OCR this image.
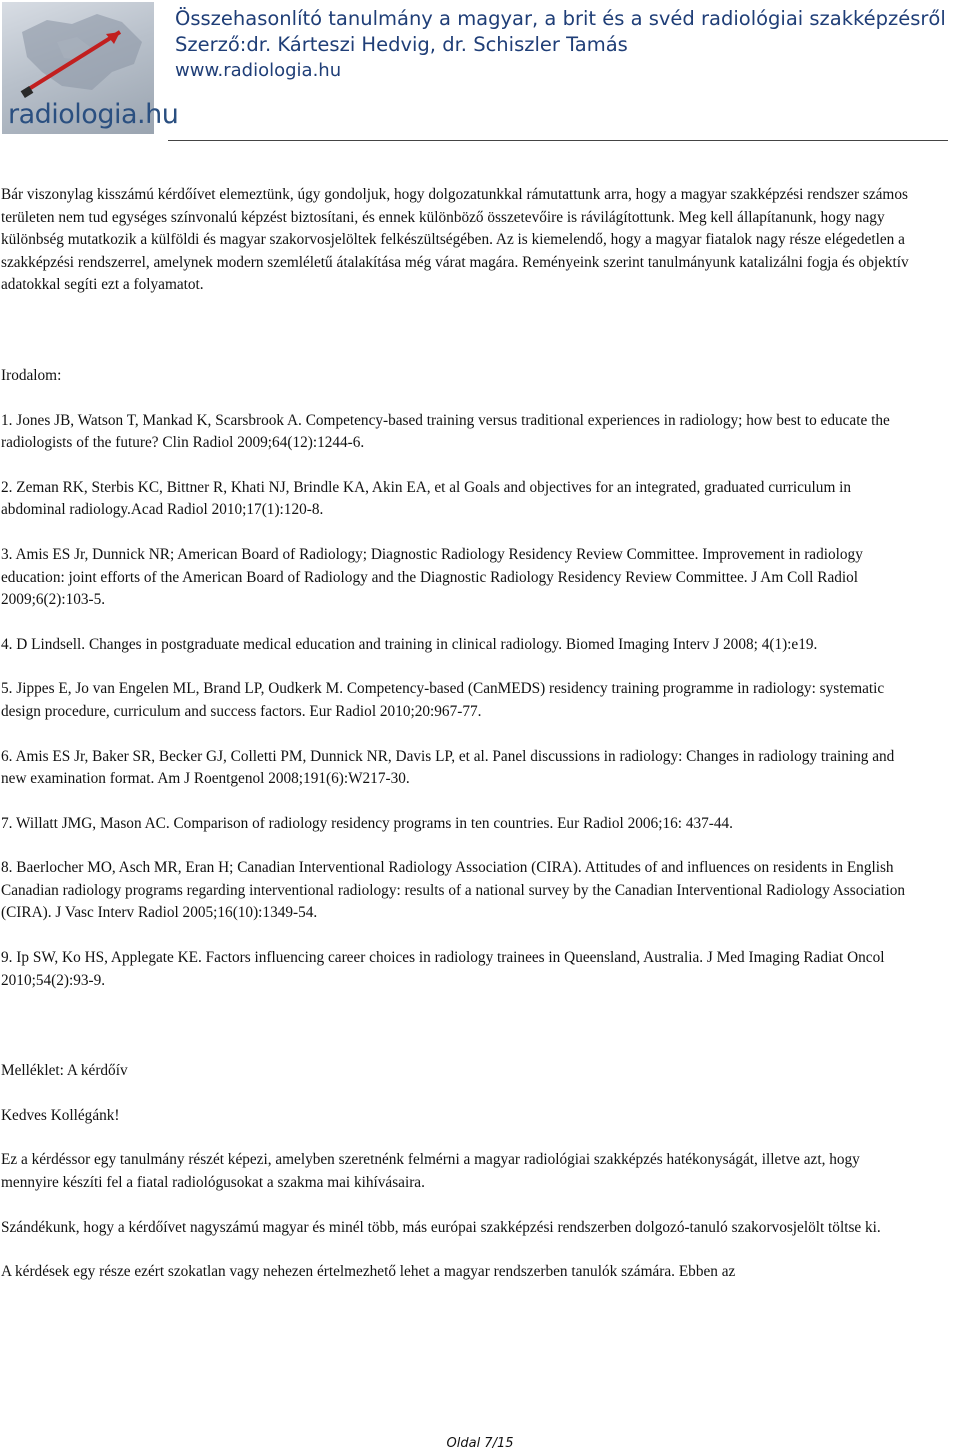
radiologia.hu
Összehasonlító tanulmány a magyar, a brit és a svéd radiológiai szakképzésről
Szerző:dr. Kárteszi Hedvig, dr. Schiszler Tamás
www.radiologia.hu

Bár viszonylag kisszámú kérdőívet elemeztünk, úgy gondoljuk, hogy dolgozatunkkal rámutattunk arra, hogy a magyar szakképzési rendszer számos területen nem tud egységes színvonalú képzést biztosítani, és ennek különböző összetevőire is rávilágítottunk. Meg kell állapítanunk, hogy nagy különbség mutatkozik a külföldi és magyar szakorvosjelöltek felkészültségében. Az is kiemelendő, hogy a magyar fiatalok nagy része elégedetlen a szakképzési rendszerrel, amelynek modern szemléletű átalakítása még várat magára. Reményeink szerint tanulmányunk katalizálni fogja és objektív adatokkal segíti ezt a folyamatot.

Irodalom:

1. Jones JB, Watson T, Mankad K, Scarsbrook A. Competency-based training versus traditional experiences in radiology; how best to educate the radiologists of the future? Clin Radiol 2009;64(12):1244-6.

2. Zeman RK, Sterbis KC, Bittner R, Khati NJ, Brindle KA, Akin EA, et al Goals and objectives for an integrated, graduated curriculum in abdominal radiology.Acad Radiol 2010;17(1):120-8.

3. Amis ES Jr, Dunnick NR; American Board of Radiology; Diagnostic Radiology Residency Review Committee. Improvement in radiology education: joint efforts of the American Board of Radiology and the Diagnostic Radiology Residency Review Committee. J Am Coll Radiol 2009;6(2):103-5.

4. D Lindsell. Changes in postgraduate medical education and training in clinical radiology. Biomed Imaging Interv J 2008; 4(1):e19.

5. Jippes E, Jo van Engelen ML, Brand LP, Oudkerk M. Competency-based (CanMEDS) residency training programme in radiology: systematic design procedure, curriculum and success factors. Eur Radiol 2010;20:967-77.

6. Amis ES Jr, Baker SR, Becker GJ, Colletti PM, Dunnick NR, Davis LP, et al. Panel discussions in radiology: Changes in radiology training and new examination format. Am J Roentgenol 2008;191(6):W217-30.

7. Willatt JMG, Mason AC. Comparison of radiology residency programs in ten countries. Eur Radiol 2006;16: 437-44.

8. Baerlocher MO, Asch MR, Eran H; Canadian Interventional Radiology Association (CIRA). Attitudes of and influences on residents in English Canadian radiology programs regarding interventional radiology: results of a national survey by the Canadian Interventional Radiology Association (CIRA). J Vasc Interv Radiol 2005;16(10):1349-54.

9. Ip SW, Ko HS, Applegate KE. Factors influencing career choices in radiology trainees in Queensland, Australia. J Med Imaging Radiat Oncol 2010;54(2):93-9.

Melléklet: A kérdőív

Kedves Kollégánk!

Ez a kérdéssor egy tanulmány részét képezi, amelyben szeretnénk felmérni a magyar radiológiai szakképzés hatékonyságát, illetve azt, hogy mennyire készíti fel a fiatal radiológusokat a szakma mai kihívásaira.

Szándékunk, hogy a kérdőívet nagyszámú magyar és minél több, más európai szakképzési rendszerben dolgozó-tanuló szakorvosjelölt töltse ki.

A kérdések egy része ezért szokatlan vagy nehezen értelmezhető lehet a magyar rendszerben tanulók számára. Ebben az

Oldal 7/15
